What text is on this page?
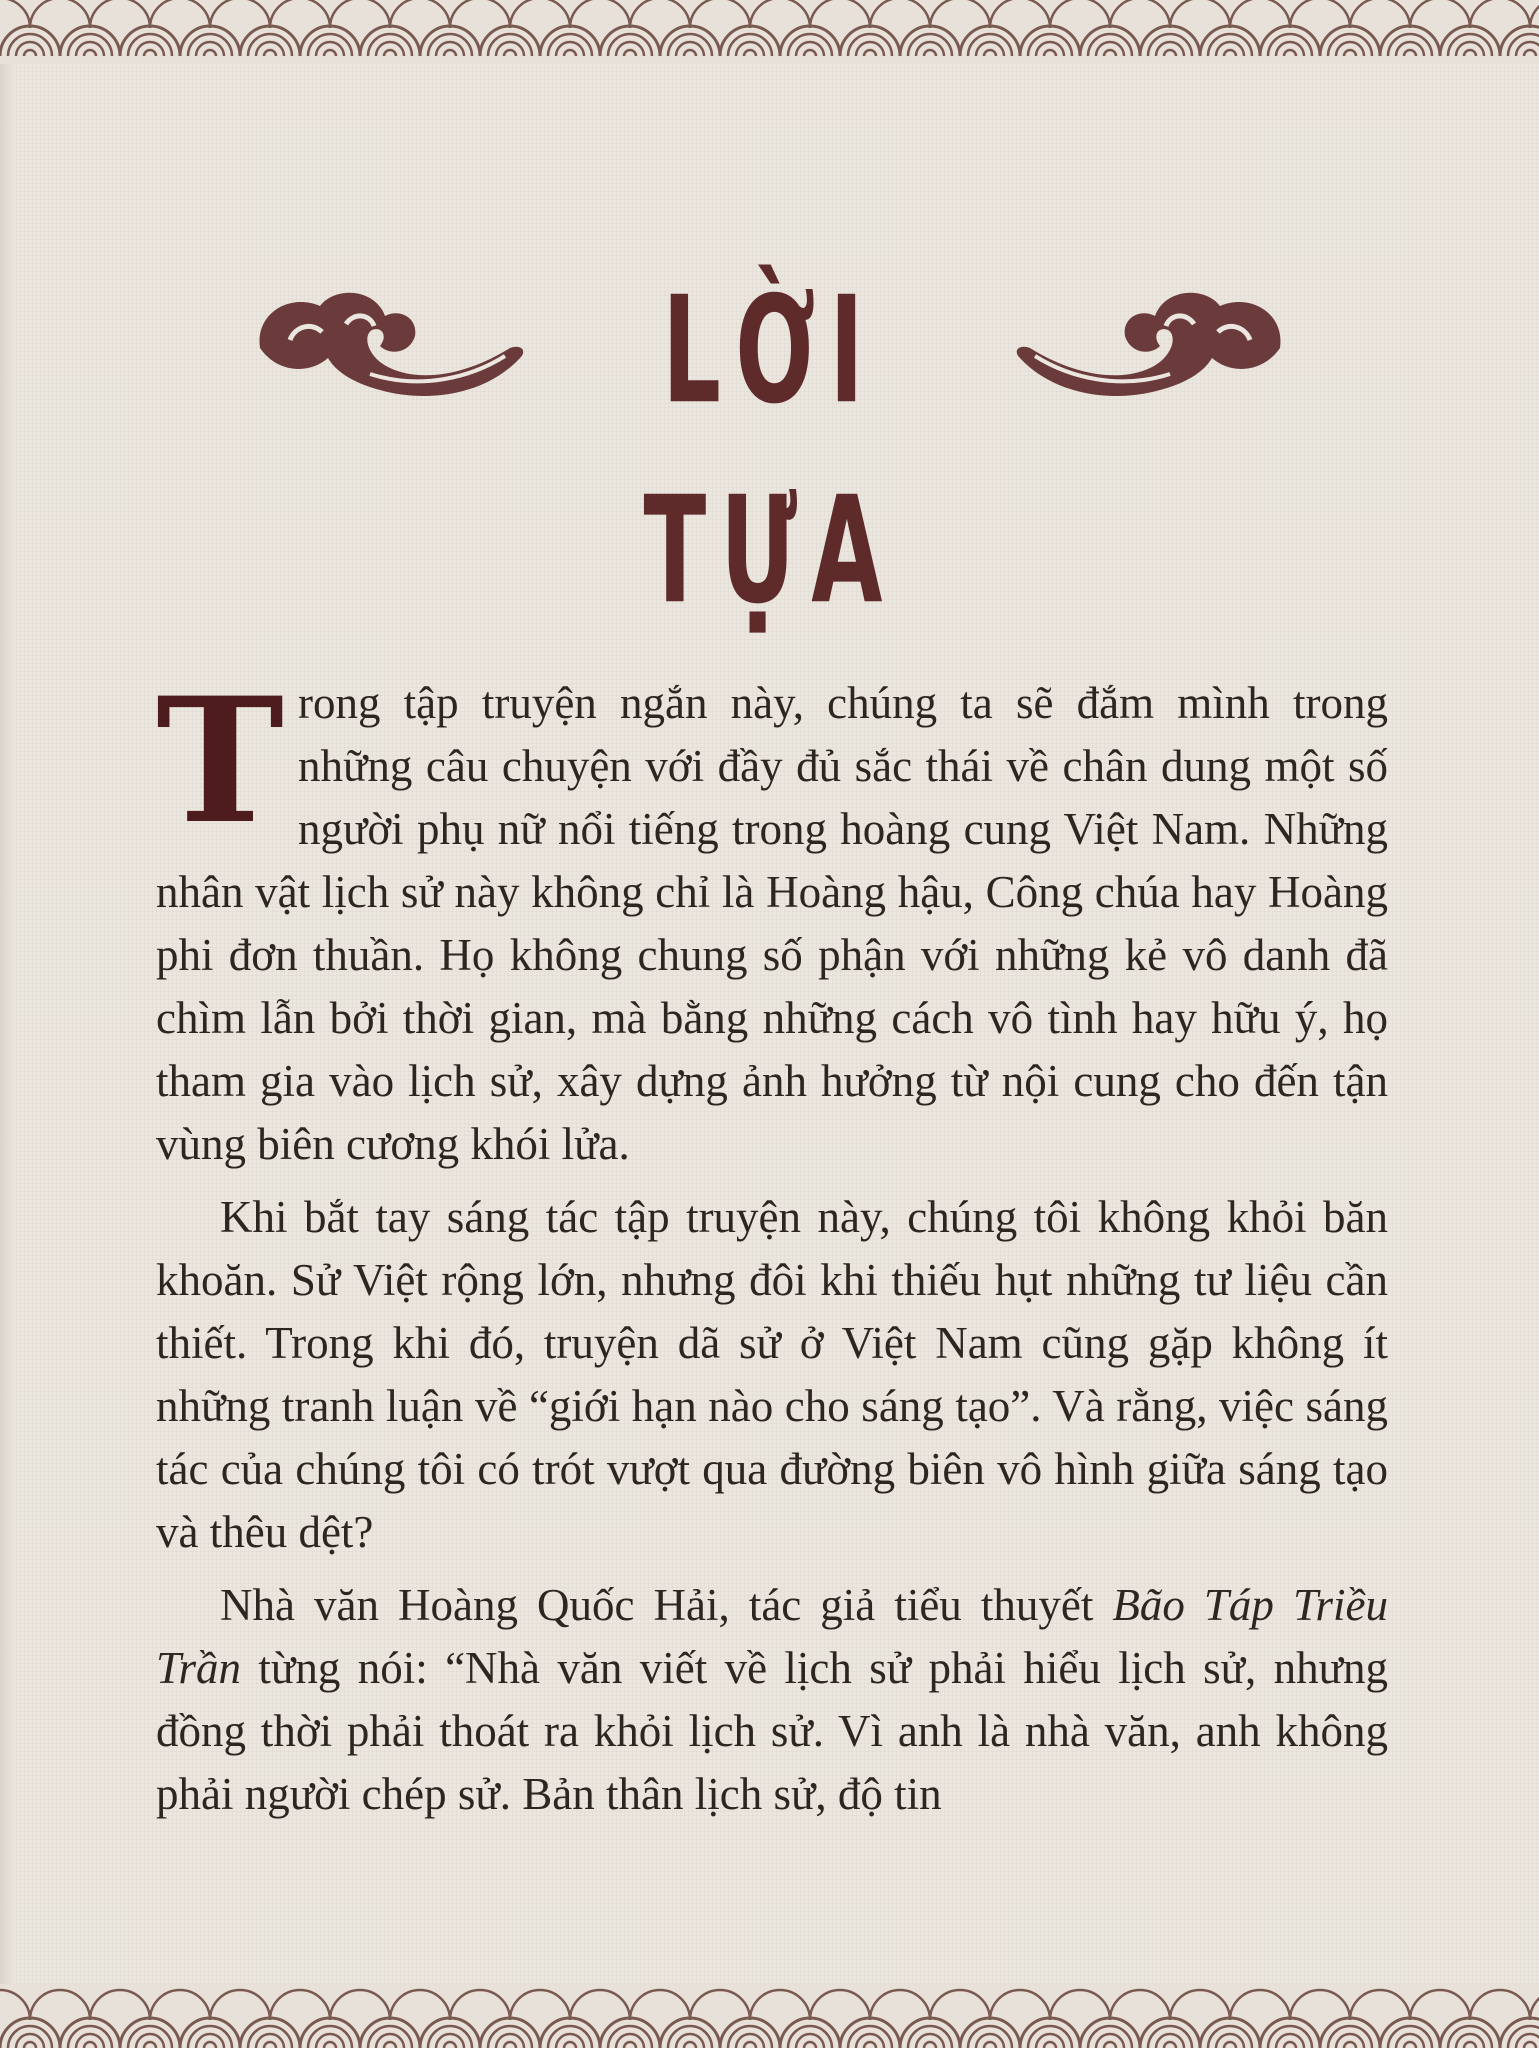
LỜI TỰA

Trong tập truyện ngắn này, chúng ta sẽ đắm mình trong những câu chuyện với đầy đủ sắc thái về chân dung một số người phụ nữ nổi tiếng trong hoàng cung Việt Nam. Những nhân vật lịch sử này không chỉ là Hoàng hậu, Công chúa hay Hoàng phi đơn thuần. Họ không chung số phận với những kẻ vô danh đã chìm lẫn bởi thời gian, mà bằng những cách vô tình hay hữu ý, họ tham gia vào lịch sử, xây dựng ảnh hưởng từ nội cung cho đến tận vùng biên cương khói lửa.

Khi bắt tay sáng tác tập truyện này, chúng tôi không khỏi băn khoăn. Sử Việt rộng lớn, nhưng đôi khi thiếu hụt những tư liệu cần thiết. Trong khi đó, truyện dã sử ở Việt Nam cũng gặp không ít những tranh luận về “giới hạn nào cho sáng tạo”. Và rằng, việc sáng tác của chúng tôi có trót vượt qua đường biên vô hình giữa sáng tạo và thêu dệt?

Nhà văn Hoàng Quốc Hải, tác giả tiểu thuyết Bão Táp Triều Trần từng nói: “Nhà văn viết về lịch sử phải hiểu lịch sử, nhưng đồng thời phải thoát ra khỏi lịch sử. Vì anh là nhà văn, anh không phải người chép sử. Bản thân lịch sử, độ tin
